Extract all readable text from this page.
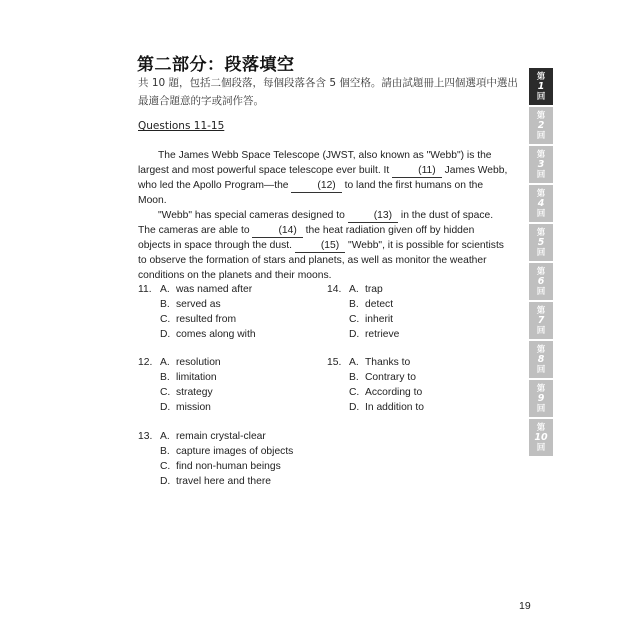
第二部分：段落填空
共 10 題，包括二個段落，每個段落各含 5 個空格。請由試題冊上四個選項中選出最適合題意的字或詞作答。
Questions 11-15

The James Webb Space Telescope (JWST, also known as "Webb") is the largest and most powerful space telescope ever built. It	(11) James Webb, who led the Apollo Program—the	(12) to land the first humans on the Moon.

"Webb" has special cameras designed to	(13) in the dust of space. The cameras are able to	(14) the heat radiation given off by hidden objects in space through the dust.	(15) "Webb", it is possible for scientists to observe the formation of stars and planets, as well as monitor the weather conditions on the planets and their moons.

11. A. was named after
B. served as
C. resulted from
D. comes along with
12. A. resolution
B. limitation
C. strategy
D. mission
13. A. remain crystal-clear
B. capture images of objects
C. find non-human beings
D. travel here and there
14. A. trap
B. detect
C. inherit
D. retrieve
15. A. Thanks to
B. Contrary to
C. According to
D. In addition to
第
1
回
第
2
回
第
3
回
第
4
回
第
5
回
第
6
回
第
7
回
第
8
回
第
9
回
第
10
回
19
